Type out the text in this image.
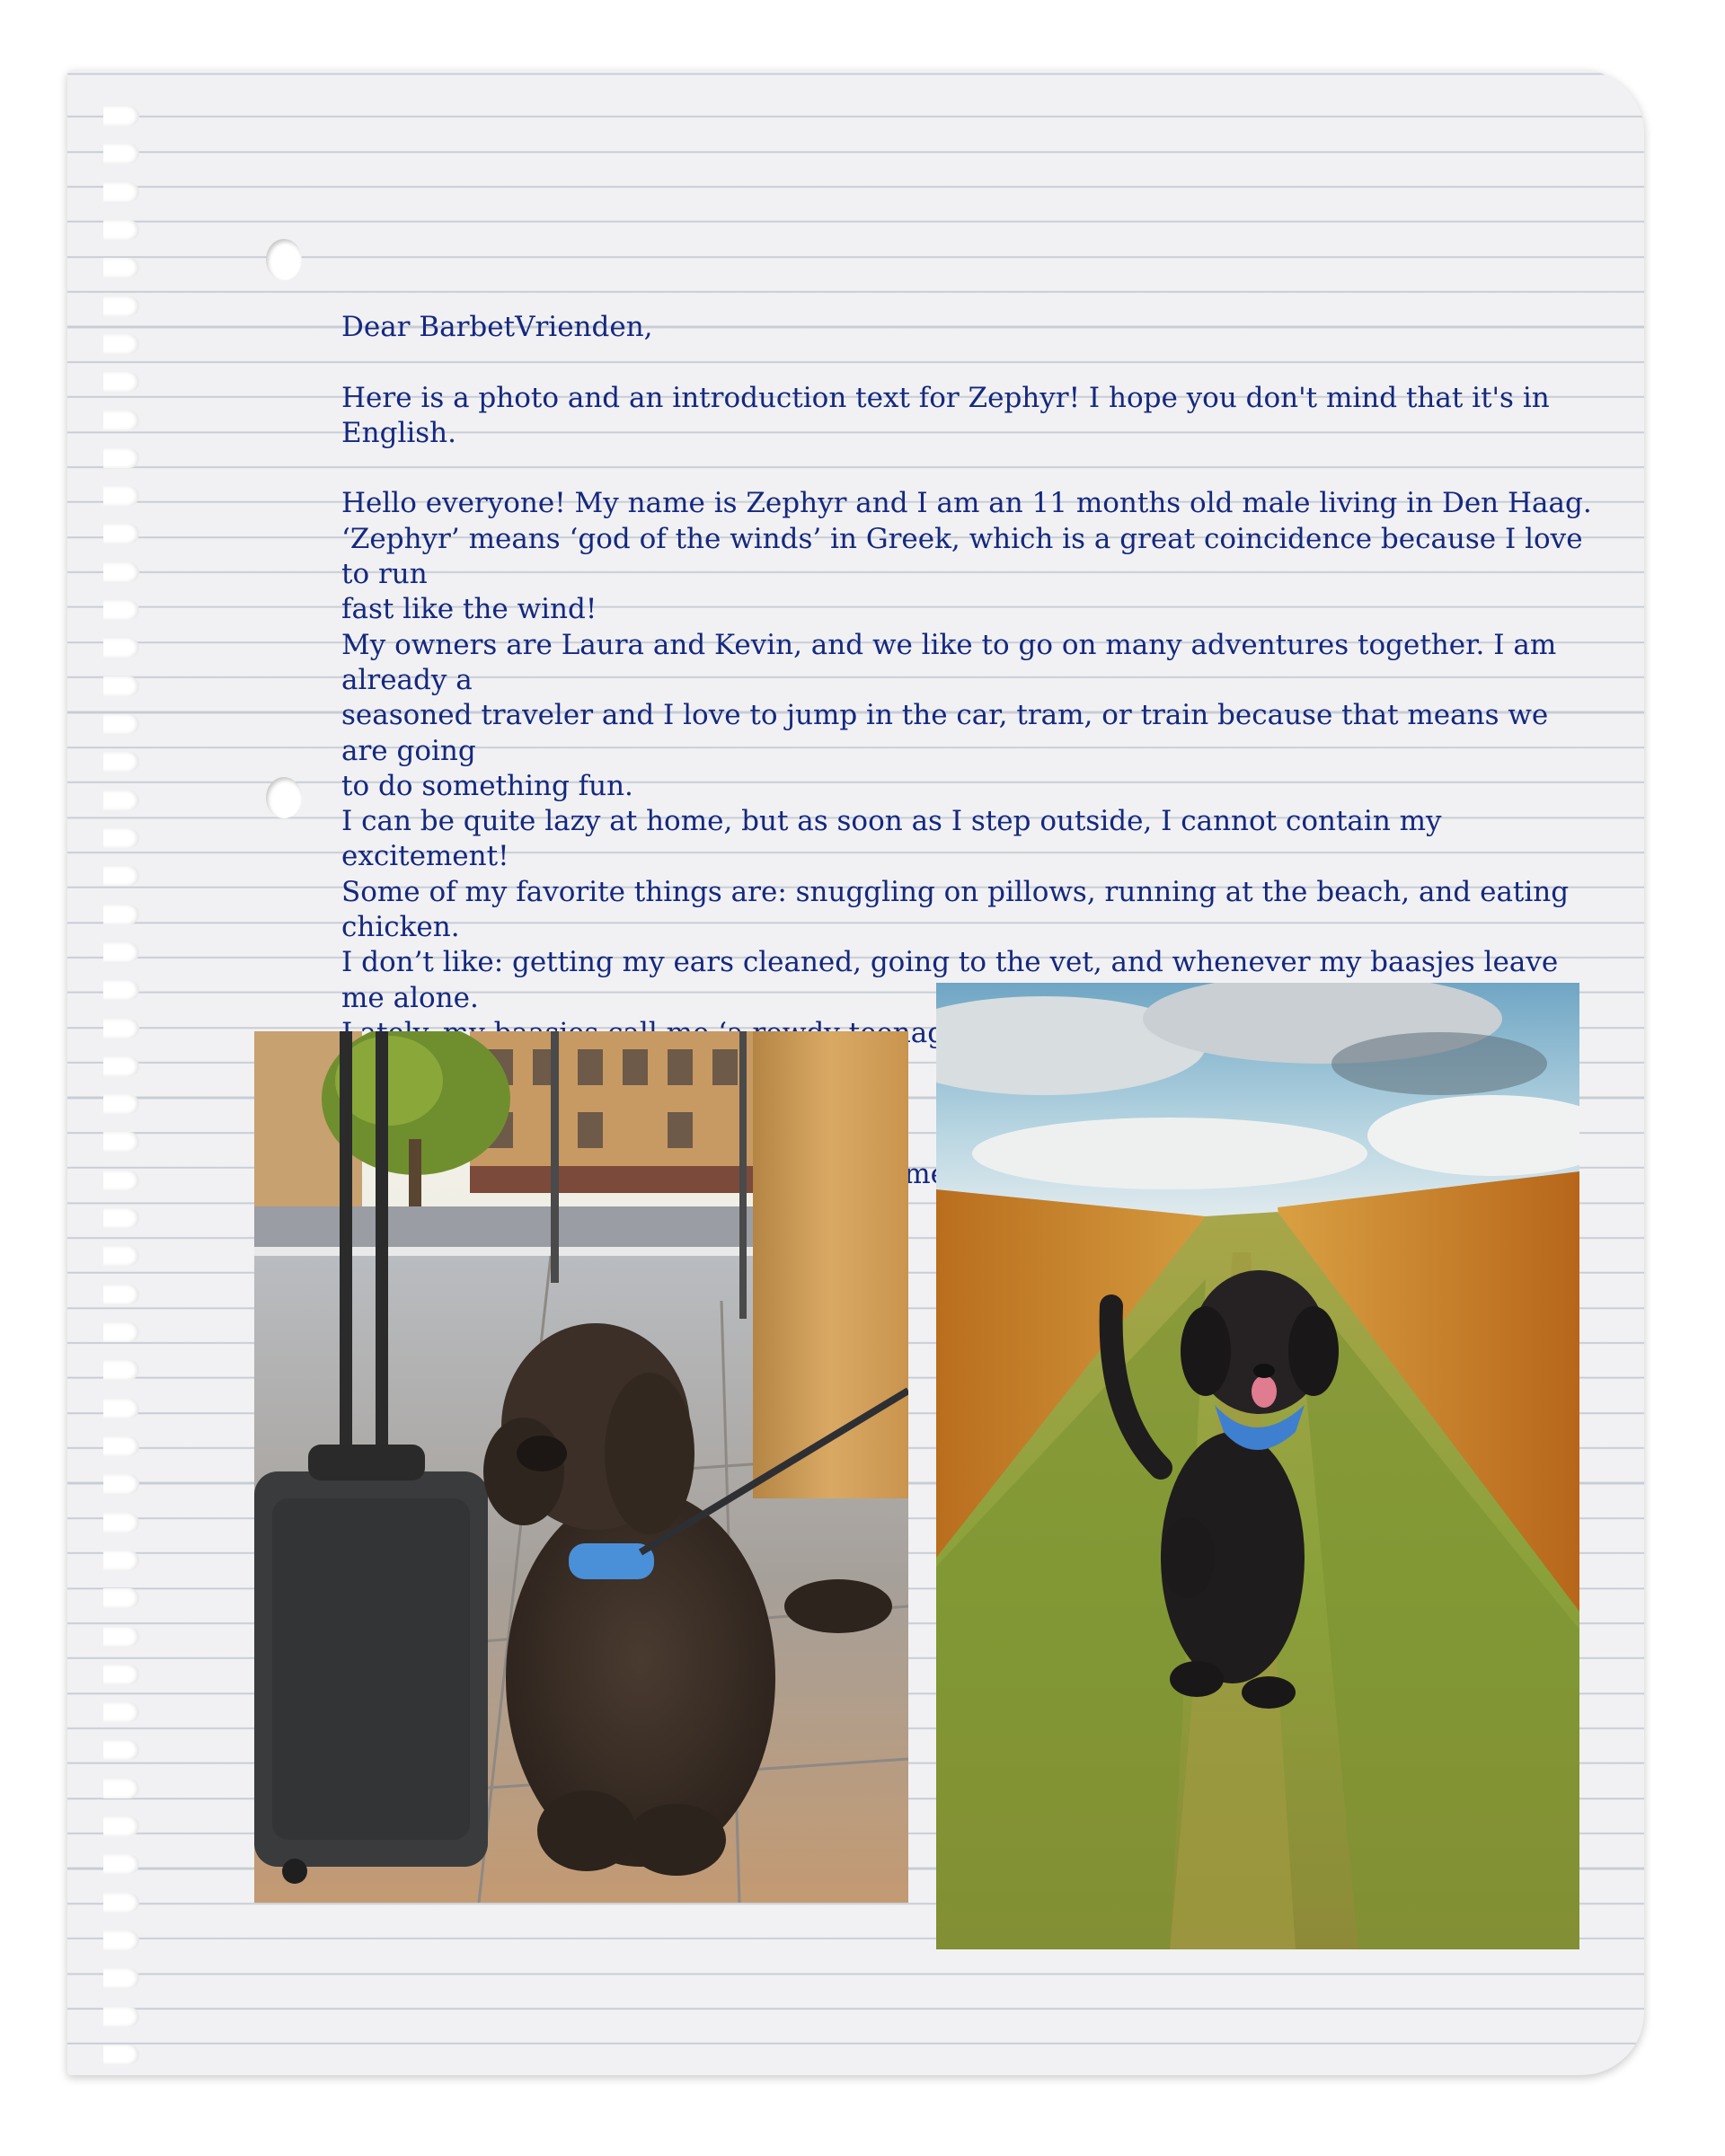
Dear BarbetVrienden,

Here is a photo and an introduction text for Zephyr! I hope you don't mind that it's in English.

Hello everyone! My name is Zephyr and I am an 11 months old male living in Den Haag.

‘Zephyr’ means ‘god of the winds’ in Greek, which is a great coincidence because I love to run

fast like the wind!

My owners are Laura and Kevin, and we like to go on many adventures together. I am already a

seasoned traveler and I love to jump in the car, tram, or train because that means we are going

to do something fun.

I can be quite lazy at home, but as soon as I step outside, I cannot contain my excitement!

Some of my favorite things are: snuggling on pillows, running at the beach, and eating chicken.

I don’t like: getting my ears cleaned, going to the vet, and whenever my baasjes leave me alone.

teenager’.

me,
